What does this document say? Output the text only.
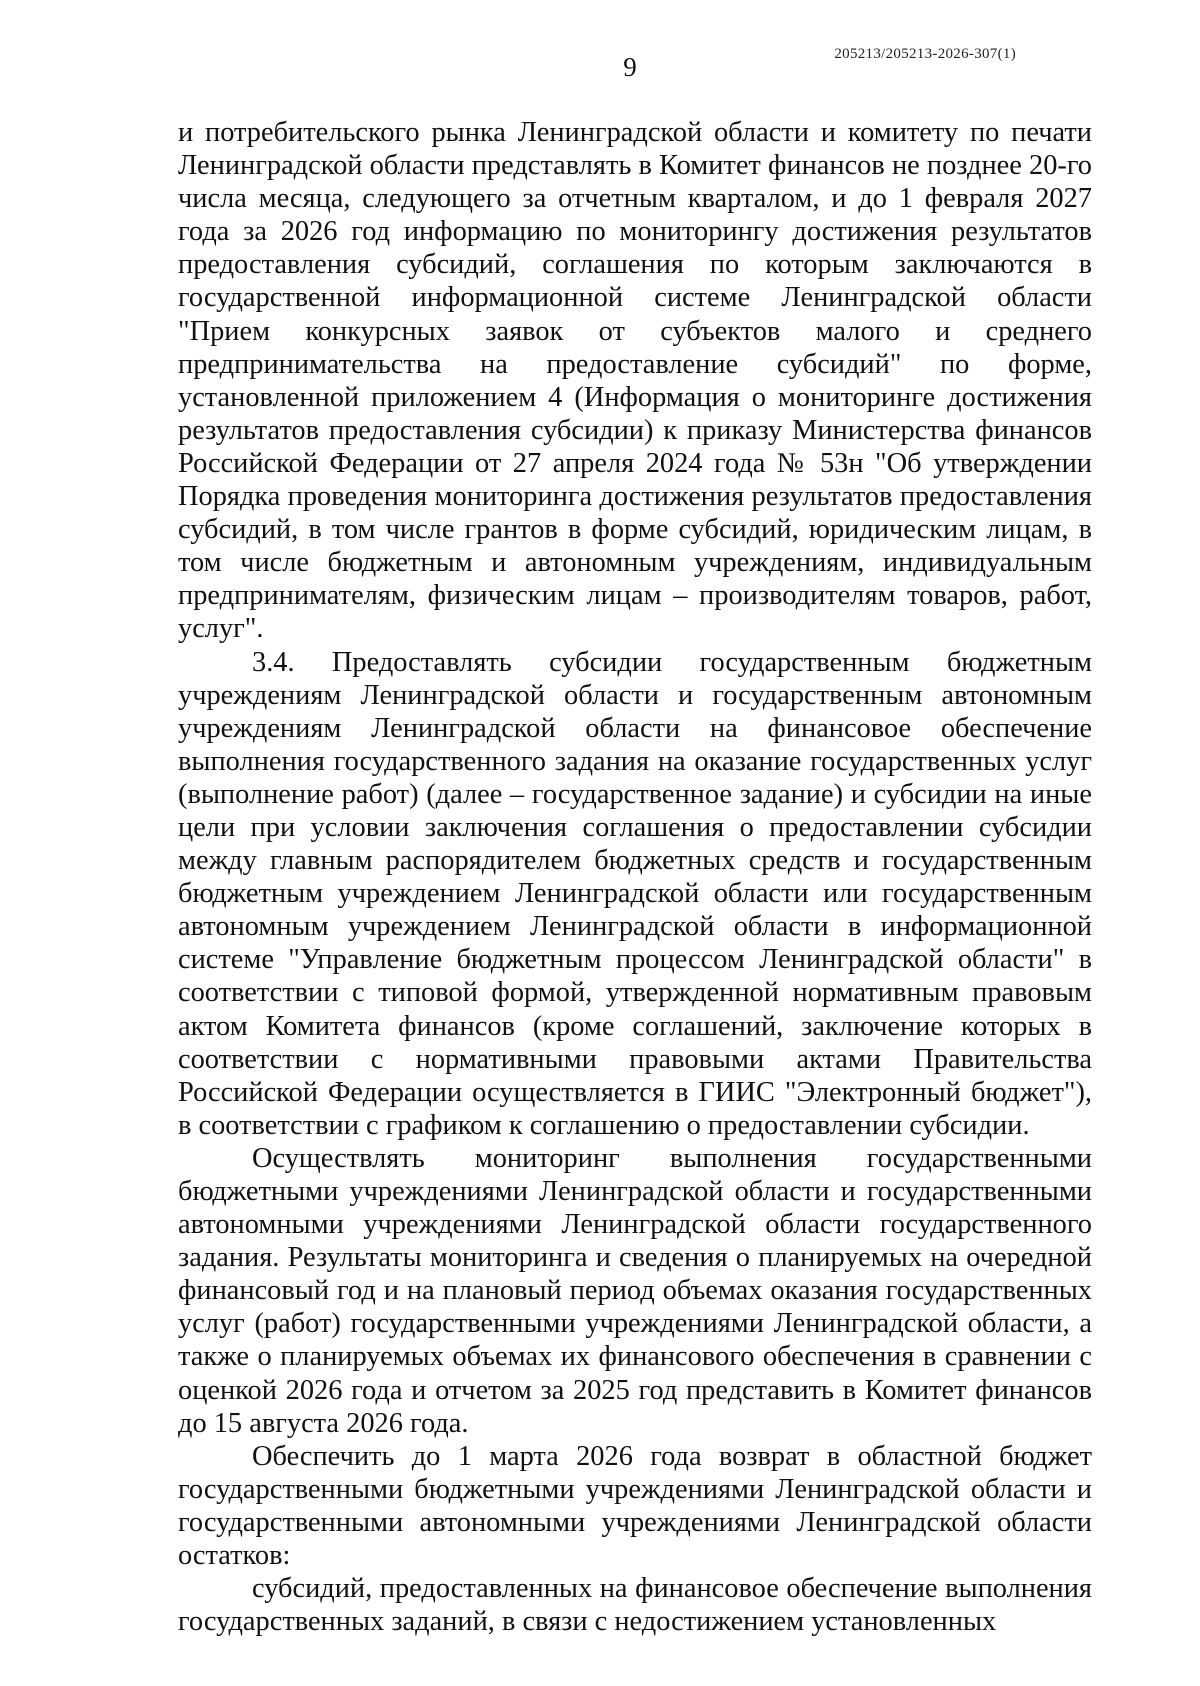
205213/205213-2026-307(1)
9

и потребительского рынка Ленинградской области и комитету по печати Ленинградской области представлять в Комитет финансов не позднее 20-го числа месяца, следующего за отчетным кварталом, и до 1 февраля 2027 года за 2026 год информацию по мониторингу достижения результатов предоставления субсидий, соглашения по которым заключаются в государственной информационной системе Ленинградской области "Прием конкурсных заявок от субъектов малого и среднего предпринимательства на предоставление субсидий" по форме, установленной приложением 4 (Информация о мониторинге достижения результатов предоставления субсидии) к приказу Министерства финансов Российской Федерации от 27 апреля 2024 года № 53н "Об утверждении Порядка проведения мониторинга достижения результатов предоставления субсидий, в том числе грантов в форме субсидий, юридическим лицам, в том числе бюджетным и автономным учреждениям, индивидуальным предпринимателям, физическим лицам – производителям товаров, работ, услуг".

3.4. Предоставлять субсидии государственным бюджетным учреждениям Ленинградской области и государственным автономным учреждениям Ленинградской области на финансовое обеспечение выполнения государственного задания на оказание государственных услуг (выполнение работ) (далее – государственное задание) и субсидии на иные цели при условии заключения соглашения о предоставлении субсидии между главным распорядителем бюджетных средств и государственным бюджетным учреждением Ленинградской области или государственным автономным учреждением Ленинградской области в информационной системе "Управление бюджетным процессом Ленинградской области" в соответствии с типовой формой, утвержденной нормативным правовым актом Комитета финансов (кроме соглашений, заключение которых в соответствии с нормативными правовыми актами Правительства Российской Федерации осуществляется в ГИИС "Электронный бюджет"), в соответствии с графиком к соглашению о предоставлении субсидии.

Осуществлять мониторинг выполнения государственными бюджетными учреждениями Ленинградской области и государственными автономными учреждениями Ленинградской области государственного задания. Результаты мониторинга и сведения о планируемых на очередной финансовый год и на плановый период объемах оказания государственных услуг (работ) государственными учреждениями Ленинградской области, а также о планируемых объемах их финансового обеспечения в сравнении с оценкой 2026 года и отчетом за 2025 год представить в Комитет финансов до 15 августа 2026 года.

Обеспечить до 1 марта 2026 года возврат в областной бюджет государственными бюджетными учреждениями Ленинградской области и государственными автономными учреждениями Ленинградской области остатков:

субсидий, предоставленных на финансовое обеспечение выполнения государственных заданий, в связи с недостижением установленных
